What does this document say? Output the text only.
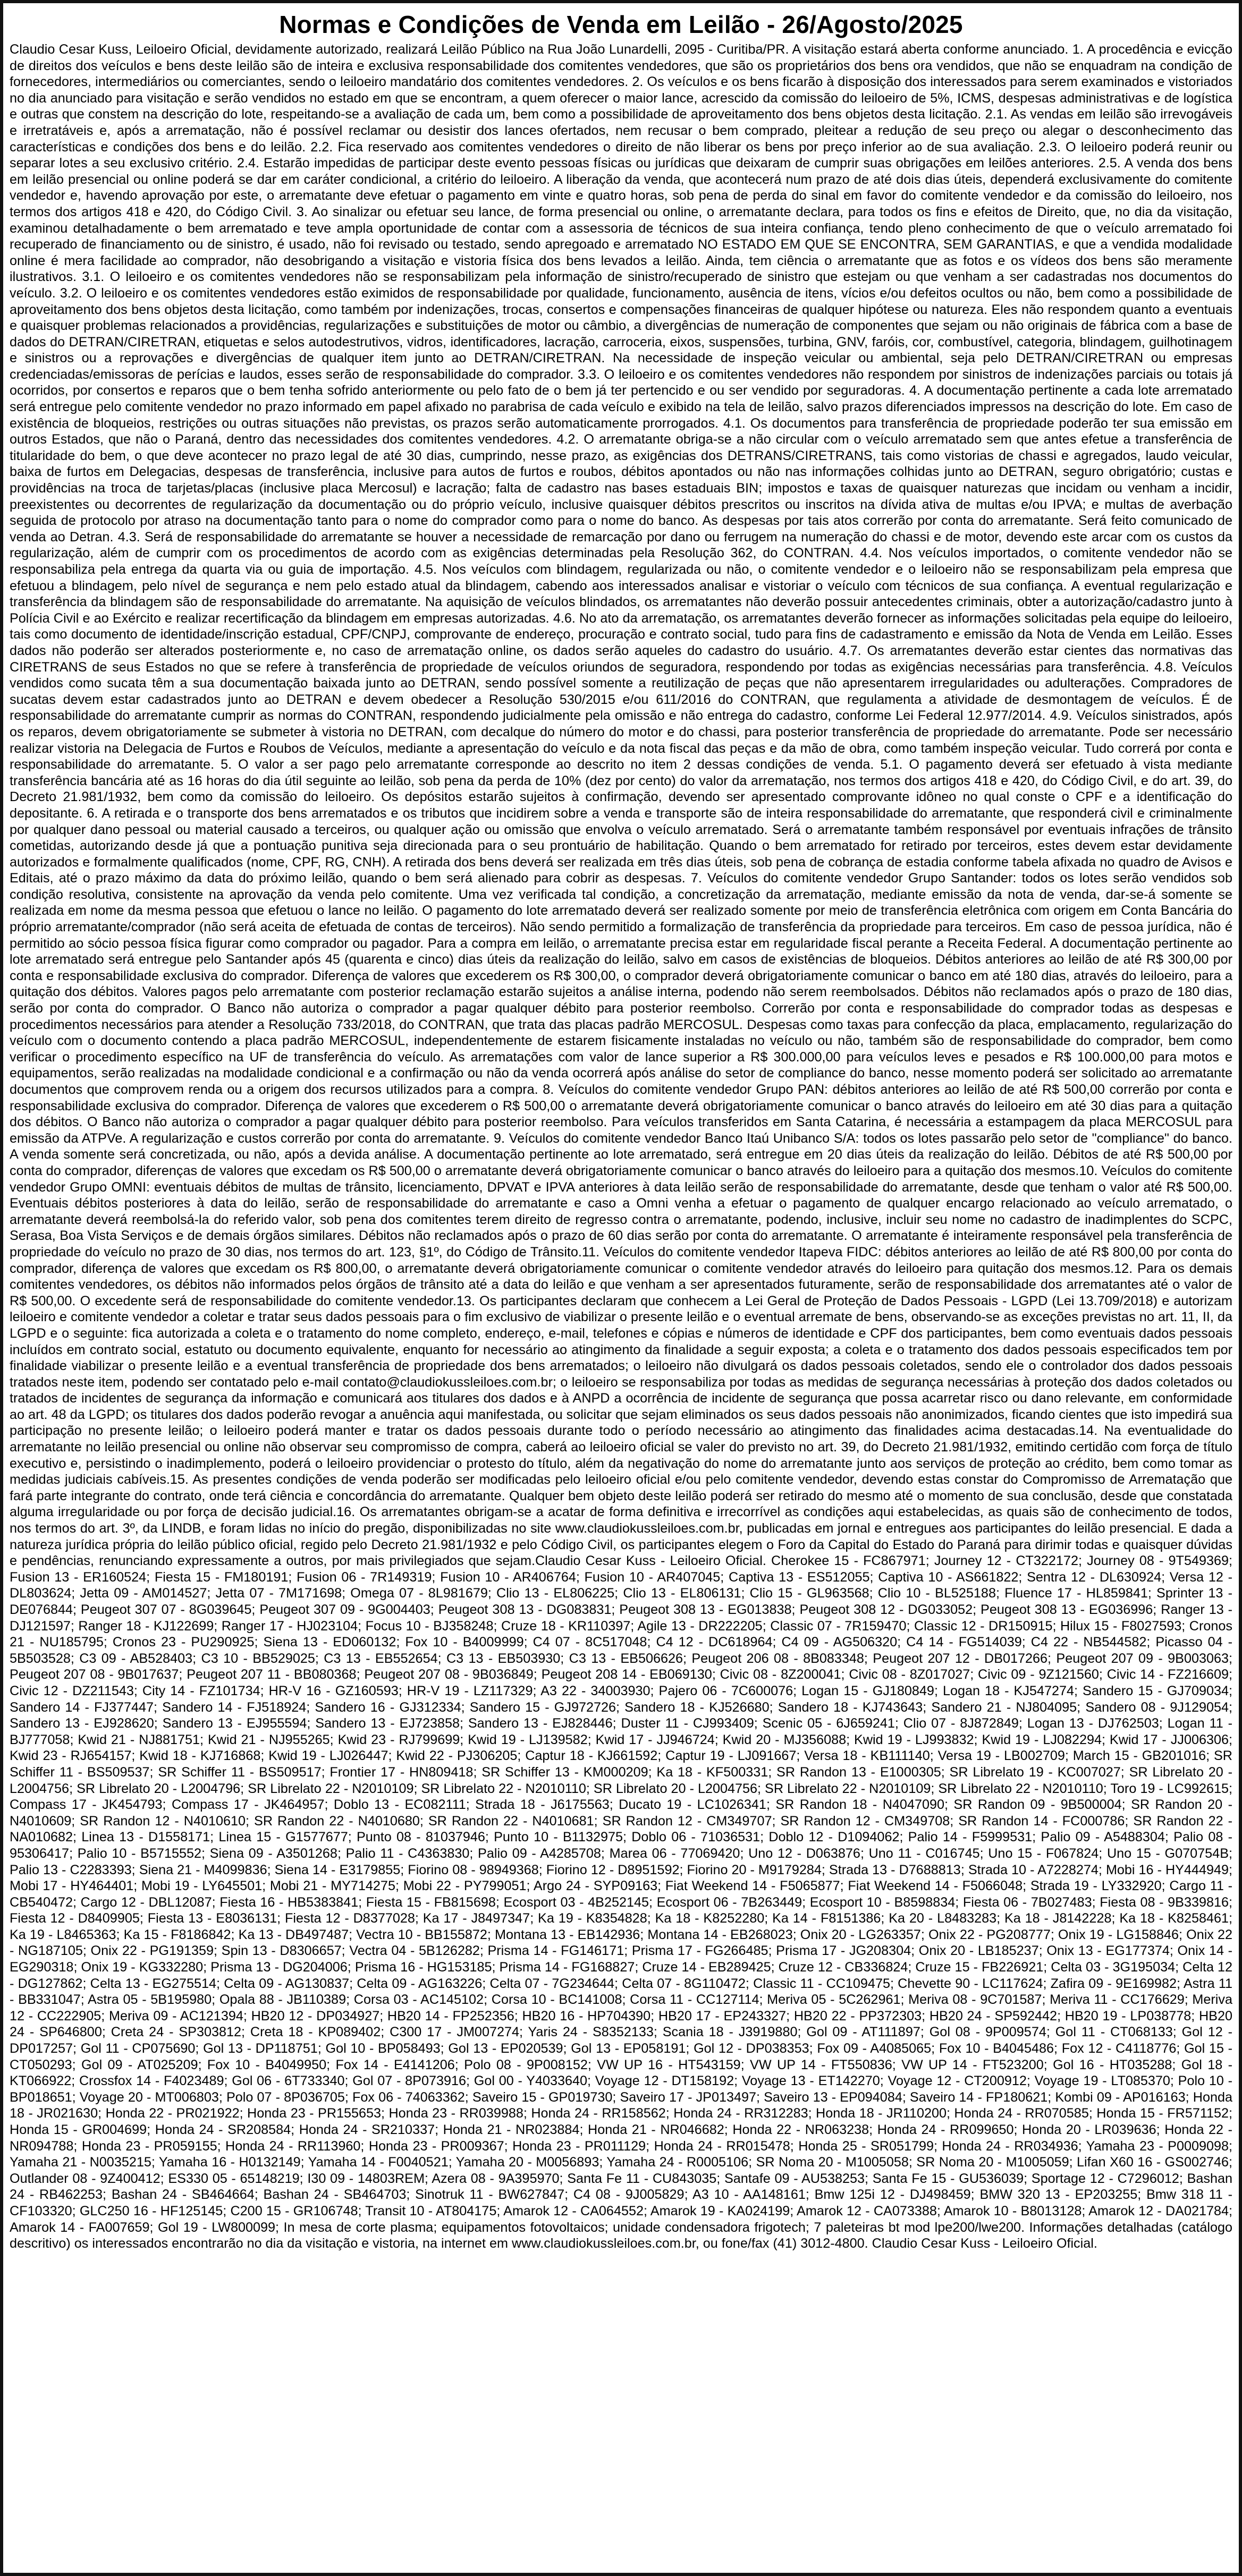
Normas e Condições de Venda em Leilão - 26/Agosto/2025

Claudio Cesar Kuss, Leiloeiro Oficial, devidamente autorizado, realizará Leilão Público na Rua João Lunardelli, 2095 - Curitiba/PR. A visitação estará aberta conforme anunciado. 1. A procedência e evicção de direitos dos veículos e bens deste leilão são de inteira e exclusiva responsabilidade dos comitentes vendedores, que são os proprietários dos bens ora vendidos, que não se enquadram na condição de fornecedores, intermediários ou comerciantes, sendo o leiloeiro mandatário dos comitentes vendedores. 2. Os veículos e os bens ficarão à disposição dos interessados para serem examinados e vistoriados no dia anunciado para visitação e serão vendidos no estado em que se encontram, a quem oferecer o maior lance, acrescido da comissão do leiloeiro de 5%, ICMS, despesas administrativas e de logística e outras que constem na descrição do lote, respeitando-se a avaliação de cada um, bem como a possibilidade de aproveitamento dos bens objetos desta licitação. 2.1. As vendas em leilão são irrevogáveis e irretratáveis e, após a arrematação, não é possível reclamar ou desistir dos lances ofertados, nem recusar o bem comprado, pleitear a redução de seu preço ou alegar o desconhecimento das características e condições dos bens e do leilão. 2.2. Fica reservado aos comitentes vendedores o direito de não liberar os bens por preço inferior ao de sua avaliação. 2.3. O leiloeiro poderá reunir ou separar lotes a seu exclusivo critério. 2.4. Estarão impedidas de participar deste evento pessoas físicas ou jurídicas que deixaram de cumprir suas obrigações em leilões anteriores. 2.5. A venda dos bens em leilão presencial ou online poderá se dar em caráter condicional, a critério do leiloeiro. A liberação da venda, que acontecerá num prazo de até dois dias úteis, dependerá exclusivamente do comitente vendedor e, havendo aprovação por este, o arrematante deve efetuar o pagamento em vinte e quatro horas, sob pena de perda do sinal em favor do comitente vendedor e da comissão do leiloeiro, nos termos dos artigos 418 e 420, do Código Civil. 3. Ao sinalizar ou efetuar seu lance, de forma presencial ou online, o arrematante declara, para todos os fins e efeitos de Direito, que, no dia da visitação, examinou detalhadamente o bem arrematado e teve ampla oportunidade de contar com a assessoria de técnicos de sua inteira confiança, tendo pleno conhecimento de que o veículo arrematado foi recuperado de financiamento ou de sinistro, é usado, não foi revisado ou testado, sendo apregoado e arrematado NO ESTADO EM QUE SE ENCONTRA, SEM GARANTIAS, e que a vendida modalidade online é mera facilidade ao comprador, não desobrigando a visitação e vistoria física dos bens levados a leilão. Ainda, tem ciência o arrematante que as fotos e os vídeos dos bens são meramente ilustrativos. 3.1. O leiloeiro e os comitentes vendedores não se responsabilizam pela informação de sinistro/recuperado de sinistro que estejam ou que venham a ser cadastradas nos documentos do veículo. 3.2. O leiloeiro e os comitentes vendedores estão eximidos de responsabilidade por qualidade, funcionamento, ausência de itens, vícios e/ou defeitos ocultos ou não, bem como a possibilidade de aproveitamento dos bens objetos desta licitação, como também por indenizações, trocas, consertos e compensações financeiras de qualquer hipótese ou natureza. Eles não respondem quanto a eventuais e quaisquer problemas relacionados a providências, regularizações e substituições de motor ou câmbio, a divergências de numeração de componentes que sejam ou não originais de fábrica com a base de dados do DETRAN/CIRETRAN, etiquetas e selos autodestrutivos, vidros, identificadores, lacração, carroceria, eixos, suspensões, turbina, GNV, faróis, cor, combustível, categoria, blindagem, guilhotinagem e sinistros ou a reprovações e divergências de qualquer item junto ao DETRAN/CIRETRAN. Na necessidade de inspeção veicular ou ambiental, seja pelo DETRAN/CIRETRAN ou empresas credenciadas/emissoras de perícias e laudos, esses serão de responsabilidade do comprador. 3.3. O leiloeiro e os comitentes vendedores não respondem por sinistros de indenizações parciais ou totais já ocorridos, por consertos e reparos que o bem tenha sofrido anteriormente ou pelo fato de o bem já ter pertencido e ou ser vendido por seguradoras. 4. A documentação pertinente a cada lote arrematado será entregue pelo comitente vendedor no prazo informado em papel afixado no parabrisa de cada veículo e exibido na tela de leilão, salvo prazos diferenciados impressos na descrição do lote. Em caso de existência de bloqueios, restrições ou outras situações não previstas, os prazos serão automaticamente prorrogados. 4.1. Os documentos para transferência de propriedade poderão ter sua emissão em outros Estados, que não o Paraná, dentro das necessidades dos comitentes vendedores. 4.2. O arrematante obriga-se a não circular com o veículo arrematado sem que antes efetue a transferência de titularidade do bem, o que deve acontecer no prazo legal de até 30 dias, cumprindo, nesse prazo, as exigências dos DETRANS/CIRETRANS, tais como vistorias de chassi e agregados, laudo veicular, baixa de furtos em Delegacias, despesas de transferência, inclusive para autos de furtos e roubos, débitos apontados ou não nas informações colhidas junto ao DETRAN, seguro obrigatório; custas e providências na troca de tarjetas/placas (inclusive placa Mercosul) e lacração; falta de cadastro nas bases estaduais BIN; impostos e taxas de quaisquer naturezas que incidam ou venham a incidir, preexistentes ou decorrentes de regularização da documentação ou do próprio veículo, inclusive quaisquer débitos prescritos ou inscritos na dívida ativa de multas e/ou IPVA; e multas de averbação seguida de protocolo por atraso na documentação tanto para o nome do comprador como para o nome do banco. As despesas por tais atos correrão por conta do arrematante. Será feito comunicado de venda ao Detran. 4.3. Será de responsabilidade do arrematante se houver a necessidade de remarcação por dano ou ferrugem na numeração do chassi e de motor, devendo este arcar com os custos da regularização, além de cumprir com os procedimentos de acordo com as exigências determinadas pela Resolução 362, do CONTRAN. 4.4. Nos veículos importados, o comitente vendedor não se responsabiliza pela entrega da quarta via ou guia de importação. 4.5. Nos veículos com blindagem, regularizada ou não, o comitente vendedor e o leiloeiro não se responsabilizam pela empresa que efetuou a blindagem, pelo nível de segurança e nem pelo estado atual da blindagem, cabendo aos interessados analisar e vistoriar o veículo com técnicos de sua confiança. A eventual regularização e transferência da blindagem são de responsabilidade do arrematante. Na aquisição de veículos blindados, os arrematantes não deverão possuir antecedentes criminais, obter a autorização/cadastro junto à Polícia Civil e ao Exército e realizar recertificação da blindagem em empresas autorizadas. 4.6. No ato da arrematação, os arrematantes deverão fornecer as informações solicitadas pela equipe do leiloeiro, tais como documento de identidade/inscrição estadual, CPF/CNPJ, comprovante de endereço, procuração e contrato social, tudo para fins de cadastramento e emissão da Nota de Venda em Leilão. Esses dados não poderão ser alterados posteriormente e, no caso de arrematação online, os dados serão aqueles do cadastro do usuário. 4.7. Os arrematantes deverão estar cientes das normativas das CIRETRANS de seus Estados no que se refere à transferência de propriedade de veículos oriundos de seguradora, respondendo por todas as exigências necessárias para transferência. 4.8. Veículos vendidos como sucata têm a sua documentação baixada junto ao DETRAN, sendo possível somente a reutilização de peças que não apresentarem irregularidades ou adulterações. Compradores de sucatas devem estar cadastrados junto ao DETRAN e devem obedecer a Resolução 530/2015 e/ou 611/2016 do CONTRAN, que regulamenta a atividade de desmontagem de veículos. É de responsabilidade do arrematante cumprir as normas do CONTRAN, respondendo judicialmente pela omissão e não entrega do cadastro, conforme Lei Federal 12.977/2014. 4.9. Veículos sinistrados, após os reparos, devem obrigatoriamente se submeter à vistoria no DETRAN, com decalque do número do motor e do chassi, para posterior transferência de propriedade do arrematante. Pode ser necessário realizar vistoria na Delegacia de Furtos e Roubos de Veículos, mediante a apresentação do veículo e da nota fiscal das peças e da mão de obra, como também inspeção veicular. Tudo correrá por conta e responsabilidade do arrematante. 5. O valor a ser pago pelo arrematante corresponde ao descrito no item 2 dessas condições de venda. 5.1. O pagamento deverá ser efetuado à vista mediante transferência bancária até as 16 horas do dia útil seguinte ao leilão, sob pena da perda de 10% (dez por cento) do valor da arrematação, nos termos dos artigos 418 e 420, do Código Civil, e do art. 39, do Decreto 21.981/1932, bem como da comissão do leiloeiro. Os depósitos estarão sujeitos à confirmação, devendo ser apresentado comprovante idôneo no qual conste o CPF e a identificação do depositante. 6. A retirada e o transporte dos bens arrematados e os tributos que incidirem sobre a venda e transporte são de inteira responsabilidade do arrematante, que responderá civil e criminalmente por qualquer dano pessoal ou material causado a terceiros, ou qualquer ação ou omissão que envolva o veículo arrematado. Será o arrematante também responsável por eventuais infrações de trânsito cometidas, autorizando desde já que a pontuação punitiva seja direcionada para o seu prontuário de habilitação. Quando o bem arrematado for retirado por terceiros, estes devem estar devidamente autorizados e formalmente qualificados (nome, CPF, RG, CNH). A retirada dos bens deverá ser realizada em três dias úteis, sob pena de cobrança de estadia conforme tabela afixada no quadro de Avisos e Editais, até o prazo máximo da data do próximo leilão, quando o bem será alienado para cobrir as despesas. 7. Veículos do comitente vendedor Grupo Santander: todos os lotes serão vendidos sob condição resolutiva, consistente na aprovação da venda pelo comitente. Uma vez verificada tal condição, a concretização da arrematação, mediante emissão da nota de venda, dar-se-á somente se realizada em nome da mesma pessoa que efetuou o lance no leilão. O pagamento do lote arrematado deverá ser realizado somente por meio de transferência eletrônica com origem em Conta Bancária do próprio arrematante/comprador (não será aceita de efetuada de contas de terceiros). Não sendo permitido a formalização de transferência da propriedade para terceiros. Em caso de pessoa jurídica, não é permitido ao sócio pessoa física figurar como comprador ou pagador. Para a compra em leilão, o arrematante precisa estar em regularidade fiscal perante a Receita Federal. A documentação pertinente ao lote arrematado será entregue pelo Santander após 45 (quarenta e cinco) dias úteis da realização do leilão, salvo em casos de existências de bloqueios. Débitos anteriores ao leilão de até R$ 300,00 por conta e responsabilidade exclusiva do comprador. Diferença de valores que excederem os R$ 300,00, o comprador deverá obrigatoriamente comunicar o banco em até 180 dias, através do leiloeiro, para a quitação dos débitos. Valores pagos pelo arrematante com posterior reclamação estarão sujeitos a análise interna, podendo não serem reembolsados. Débitos não reclamados após o prazo de 180 dias, serão por conta do comprador. O Banco não autoriza o comprador a pagar qualquer débito para posterior reembolso. Correrão por conta e responsabilidade do comprador todas as despesas e procedimentos necessários para atender a Resolução 733/2018, do CONTRAN, que trata das placas padrão MERCOSUL. Despesas como taxas para confecção da placa, emplacamento, regularização do veículo com o documento contendo a placa padrão MERCOSUL, independentemente de estarem fisicamente instaladas no veículo ou não, também são de responsabilidade do comprador, bem como verificar o procedimento específico na UF de transferência do veículo. As arrematações com valor de lance superior a R$ 300.000,00 para veículos leves e pesados e R$ 100.000,00 para motos e equipamentos, serão realizadas na modalidade condicional e a confirmação ou não da venda ocorrerá após análise do setor de compliance do banco, nesse momento poderá ser solicitado ao arrematante documentos que comprovem renda ou a origem dos recursos utilizados para a compra. 8. Veículos do comitente vendedor Grupo PAN: débitos anteriores ao leilão de até R$ 500,00 correrão por conta e responsabilidade exclusiva do comprador. Diferença de valores que excederem o R$ 500,00 o arrematante deverá obrigatoriamente comunicar o banco através do leiloeiro em até 30 dias para a quitação dos débitos. O Banco não autoriza o comprador a pagar qualquer débito para posterior reembolso. Para veículos transferidos em Santa Catarina, é necessária a estampagem da placa MERCOSUL para emissão da ATPVe. A regularização e custos correrão por conta do arrematante. 9. Veículos do comitente vendedor Banco Itaú Unibanco S/A: todos os lotes passarão pelo setor de "compliance" do banco. A venda somente será concretizada, ou não, após a devida análise. A documentação pertinente ao lote arrematado, será entregue em 20 dias úteis da realização do leilão. Débitos de até R$ 500,00 por conta do comprador, diferenças de valores que excedam os R$ 500,00 o arrematante deverá obrigatoriamente comunicar o banco através do leiloeiro para a quitação dos mesmos.10. Veículos do comitente vendedor Grupo OMNI: eventuais débitos de multas de trânsito, licenciamento, DPVAT e IPVA anteriores à data leilão serão de responsabilidade do arrematante, desde que tenham o valor até R$ 500,00. Eventuais débitos posteriores à data do leilão, serão de responsabilidade do arrematante e caso a Omni venha a efetuar o pagamento de qualquer encargo relacionado ao veículo arrematado, o arrematante deverá reembolsá-la do referido valor, sob pena dos comitentes terem direito de regresso contra o arrematante, podendo, inclusive, incluir seu nome no cadastro de inadimplentes do SCPC, Serasa, Boa Vista Serviços e de demais órgãos similares. Débitos não reclamados após o prazo de 60 dias serão por conta do arrematante. O arrematante é inteiramente responsável pela transferência de propriedade do veículo no prazo de 30 dias, nos termos do art. 123, §1º, do Código de Trânsito.11. Veículos do comitente vendedor Itapeva FIDC: débitos anteriores ao leilão de até R$ 800,00 por conta do comprador, diferença de valores que excedam os R$ 800,00, o arrematante deverá obrigatoriamente comunicar o comitente vendedor através do leiloeiro para quitação dos mesmos.12. Para os demais comitentes vendedores, os débitos não informados pelos órgãos de trânsito até a data do leilão e que venham a ser apresentados futuramente, serão de responsabilidade dos arrematantes até o valor de R$ 500,00. O excedente será de responsabilidade do comitente vendedor.13. Os participantes declaram que conhecem a Lei Geral de Proteção de Dados Pessoais - LGPD (Lei 13.709/2018) e autorizam leiloeiro e comitente vendedor a coletar e tratar seus dados pessoais para o fim exclusivo de viabilizar o presente leilão e o eventual arremate de bens, observando-se as exceções previstas no art. 11, II, da LGPD e o seguinte: fica autorizada a coleta e o tratamento do nome completo, endereço, e-mail, telefones e cópias e números de identidade e CPF dos participantes, bem como eventuais dados pessoais incluídos em contrato social, estatuto ou documento equivalente, enquanto for necessário ao atingimento da finalidade a seguir exposta; a coleta e o tratamento dos dados pessoais especificados tem por finalidade viabilizar o presente leilão e a eventual transferência de propriedade dos bens arrematados; o leiloeiro não divulgará os dados pessoais coletados, sendo ele o controlador dos dados pessoais tratados neste item, podendo ser contatado pelo e-mail contato@claudiokussleiloes.com.br; o leiloeiro se responsabiliza por todas as medidas de segurança necessárias à proteção dos dados coletados ou tratados de incidentes de segurança da informação e comunicará aos titulares dos dados e à ANPD a ocorrência de incidente de segurança que possa acarretar risco ou dano relevante, em conformidade ao art. 48 da LGPD; os titulares dos dados poderão revogar a anuência aqui manifestada, ou solicitar que sejam eliminados os seus dados pessoais não anonimizados, ficando cientes que isto impedirá sua participação no presente leilão; o leiloeiro poderá manter e tratar os dados pessoais durante todo o período necessário ao atingimento das finalidades acima destacadas.14. Na eventualidade do arrematante no leilão presencial ou online não observar seu compromisso de compra, caberá ao leiloeiro oficial se valer do previsto no art. 39, do Decreto 21.981/1932, emitindo certidão com força de título executivo e, persistindo o inadimplemento, poderá o leiloeiro providenciar o protesto do título, além da negativação do nome do arrematante junto aos serviços de proteção ao crédito, bem como tomar as medidas judiciais cabíveis.15. As presentes condições de venda poderão ser modificadas pelo leiloeiro oficial e/ou pelo comitente vendedor, devendo estas constar do Compromisso de Arrematação que fará parte integrante do contrato, onde terá ciência e concordância do arrematante. Qualquer bem objeto deste leilão poderá ser retirado do mesmo até o momento de sua conclusão, desde que constatada alguma irregularidade ou por força de decisão judicial.16. Os arrematantes obrigam-se a acatar de forma definitiva e irrecorrível as condições aqui estabelecidas, as quais são de conhecimento de todos, nos termos do art. 3º, da LINDB, e foram lidas no início do pregão, disponibilizadas no site www.claudiokussleiloes.com.br, publicadas em jornal e entregues aos participantes do leilão presencial. E dada a natureza jurídica própria do leilão público oficial, regido pelo Decreto 21.981/1932 e pelo Código Civil, os participantes elegem o Foro da Capital do Estado do Paraná para dirimir todas e quaisquer dúvidas e pendências, renunciando expressamente a outros, por mais privilegiados que sejam.Claudio Cesar Kuss - Leiloeiro Oficial. Cherokee 15 - FC867971; Journey 12 - CT322172; Journey 08 - 9T549369; Fusion 13 - ER160524; Fiesta 15 - FM180191; Fusion 06 - 7R149319; Fusion 10 - AR406764; Fusion 10 - AR407045; Captiva 13 - ES512055; Captiva 10 - AS661822; Sentra 12 - DL630924; Versa 12 - DL803624; Jetta 09 - AM014527; Jetta 07 - 7M171698; Omega 07 - 8L981679; Clio 13 - EL806225; Clio 13 - EL806131; Clio 15 - GL963568; Clio 10 - BL525188; Fluence 17 - HL859841; Sprinter 13 - DE076844; Peugeot 307 07 - 8G039645; Peugeot 307 09 - 9G004403; Peugeot 308 13 - DG083831; Peugeot 308 13 - EG013838; Peugeot 308 12 - DG033052; Peugeot 308 13 - EG036996; Ranger 13 - DJ121597; Ranger 18 - KJ122699; Ranger 17 - HJ023104; Focus 10 - BJ358248; Cruze 18 - KR110397; Agile 13 - DR222205; Classic 07 - 7R159470; Classic 12 - DR150915; Hilux 15 - F8027593; Cronos 21 - NU185795; Cronos 23 - PU290925; Siena 13 - ED060132; Fox 10 - B4009999; C4 07 - 8C517048; C4 12 - DC618964; C4 09 - AG506320; C4 14 - FG514039; C4 22 - NB544582; Picasso 04 - 5B503528; C3 09 - AB528403; C3 10 - BB529025; C3 13 - EB552654; C3 13 - EB503930; C3 13 - EB506626; Peugeot 206 08 - 8B083348; Peugeot 207 12 - DB017266; Peugeot 207 09 - 9B003063; Peugeot 207 08 - 9B017637; Peugeot 207 11 - BB080368; Peugeot 207 08 - 9B036849; Peugeot 208 14 - EB069130; Civic 08 - 8Z200041; Civic 08 - 8Z017027; Civic 09 - 9Z121560; Civic 14 - FZ216609; Civic 12 - DZ211543; City 14 - FZ101734; HR-V 16 - GZ160593; HR-V 19 - LZ117329; A3 22 - 34003930; Pajero 06 - 7C600076; Logan 15 - GJ180849; Logan 18 - KJ547274; Sandero 15 - GJ709034; Sandero 14 - FJ377447; Sandero 14 - FJ518924; Sandero 16 - GJ312334; Sandero 15 - GJ972726; Sandero 18 - KJ526680; Sandero 18 - KJ743643; Sandero 21 - NJ804095; Sandero 08 - 9J129054; Sandero 13 - EJ928620; Sandero 13 - EJ955594; Sandero 13 - EJ723858; Sandero 13 - EJ828446; Duster 11 - CJ993409; Scenic 05 - 6J659241; Clio 07 - 8J872849; Logan 13 - DJ762503; Logan 11 - BJ777058; Kwid 21 - NJ881751; Kwid 21 - NJ955265; Kwid 23 - RJ799699; Kwid 19 - LJ139582; Kwid 17 - JJ946724; Kwid 20 - MJ356088; Kwid 19 - LJ993832; Kwid 19 - LJ082294; Kwid 17 - JJ006306; Kwid 23 - RJ654157; Kwid 18 - KJ716868; Kwid 19 - LJ026447; Kwid 22 - PJ306205; Captur 18 - KJ661592; Captur 19 - LJ091667; Versa 18 - KB111140; Versa 19 - LB002709; March 15 - GB201016; SR Schiffer 11 - BS509537; SR Schiffer 11 - BS509517; Frontier 17 - HN809418; SR Schiffer 13 - KM000209; Ka 18 - KF500331; SR Randon 13 - E1000305; SR Librelato 19 - KC007027; SR Librelato 20 - L2004756; SR Librelato 20 - L2004796; SR Librelato 22 - N2010109; SR Librelato 22 - N2010110; SR Librelato 20 - L2004756; SR Librelato 22 - N2010109; SR Librelato 22 - N2010110; Toro 19 - LC992615; Compass 17 - JK454793; Compass 17 - JK464957; Doblo 13 - EC082111; Strada 18 - J6175563; Ducato 19 - LC1026341; SR Randon 18 - N4047090; SR Randon 09 - 9B500004; SR Randon 20 - N4010609; SR Randon 12 - N4010610; SR Randon 22 - N4010680; SR Randon 22 - N4010681; SR Randon 12 - CM349707; SR Randon 12 - CM349708; SR Randon 14 - FC000786; SR Randon 22 - NA010682; Linea 13 - D1558171; Linea 15 - G1577677; Punto 08 - 81037946; Punto 10 - B1132975; Doblo 06 - 71036531; Doblo 12 - D1094062; Palio 14 - F5999531; Palio 09 - A5488304; Palio 08 - 95306417; Palio 10 - B5715552; Siena 09 - A3501268; Palio 11 - C4363830; Palio 09 - A4285708; Marea 06 - 77069420; Uno 12 - D063876; Uno 11 - C016745; Uno 15 - F067824; Uno 15 - G070754B; Palio 13 - C2283393; Siena 21 - M4099836; Siena 14 - E3179855; Fiorino 08 - 98949368; Fiorino 12 - D8951592; Fiorino 20 - M9179284; Strada 13 - D7688813; Strada 10 - A7228274; Mobi 16 - HY444949; Mobi 17 - HY464401; Mobi 19 - LY645501; Mobi 21 - MY714275; Mobi 22 - PY799051; Argo 24 - SYP09163; Fiat Weekend 14 - F5065877; Fiat Weekend 14 - F5066048; Strada 19 - LY332920; Cargo 11 - CB540472; Cargo 12 - DBL12087; Fiesta 16 - HB5383841; Fiesta 15 - FB815698; Ecosport 03 - 4B252145; Ecosport 06 - 7B263449; Ecosport 10 - B8598834; Fiesta 06 - 7B027483; Fiesta 08 - 9B339816; Fiesta 12 - D8409905; Fiesta 13 - E8036131; Fiesta 12 - D8377028; Ka 17 - J8497347; Ka 19 - K8354828; Ka 18 - K8252280; Ka 14 - F8151386; Ka 20 - L8483283; Ka 18 - J8142228; Ka 18 - K8258461; Ka 19 - L8465363; Ka 15 - F8186842; Ka 13 - DB497487; Vectra 10 - BB155872; Montana 13 - EB142936; Montana 14 - EB268023; Onix 20 - LG263357; Onix 22 - PG208777; Onix 19 - LG158846; Onix 22 - NG187105; Onix 22 - PG191359; Spin 13 - D8306657; Vectra 04 - 5B126282; Prisma 14 - FG146171; Prisma 17 - FG266485; Prisma 17 - JG208304; Onix 20 - LB185237; Onix 13 - EG177374; Onix 14 - EG290318; Onix 19 - KG332280; Prisma 13 - DG204006; Prisma 16 - HG153185; Prisma 14 - FG168827; Cruze 14 - EB289425; Cruze 12 - CB336824; Cruze 15 - FB226921; Celta 03 - 3G195034; Celta 12 - DG127862; Celta 13 - EG275514; Celta 09 - AG130837; Celta 09 - AG163226; Celta 07 - 7G234644; Celta 07 - 8G110472; Classic 11 - CC109475; Chevette 90 - LC117624; Zafira 09 - 9E169982; Astra 11 - BB331047; Astra 05 - 5B195980; Opala 88 - JB110389; Corsa 03 - AC145102; Corsa 10 - BC141008; Corsa 11 - CC127114; Meriva 05 - 5C262961; Meriva 08 - 9C701587; Meriva 11 - CC176629; Meriva 12 - CC222905; Meriva 09 - AC121394; HB20 12 - DP034927; HB20 14 - FP252356; HB20 16 - HP704390; HB20 17 - EP243327; HB20 22 - PP372303; HB20 24 - SP592442; HB20 19 - LP038778; HB20 24 - SP646800; Creta 24 - SP303812; Creta 18 - KP089402; C300 17 - JM007274; Yaris 24 - S8352133; Scania 18 - J3919880; Gol 09 - AT111897; Gol 08 - 9P009574; Gol 11 - CT068133; Gol 12 - DP017257; Gol 11 - CP075690; Gol 13 - DP118751; Gol 10 - BP058493; Gol 13 - EP020539; Gol 13 - EP058191; Gol 12 - DP038353; Fox 09 - A4085065; Fox 10 - B4045486; Fox 12 - C4118776; Gol 15 - CT050293; Gol 09 - AT025209; Fox 10 - B4049950; Fox 14 - E4141206; Polo 08 - 9P008152; VW UP 16 - HT543159; VW UP 14 - FT550836; VW UP 14 - FT523200; Gol 16 - HT035288; Gol 18 - KT066922; Crossfox 14 - F4023489; Gol 06 - 6T733340; Gol 07 - 8P073916; Gol 00 - Y4033640; Voyage 12 - DT158192; Voyage 13 - ET142270; Voyage 12 - CT200912; Voyage 19 - LT085370; Polo 10 - BP018651; Voyage 20 - MT006803; Polo 07 - 8P036705; Fox 06 - 74063362; Saveiro 15 - GP019730; Saveiro 17 - JP013497; Saveiro 13 - EP094084; Saveiro 14 - FP180621; Kombi 09 - AP016163; Honda 18 - JR021630; Honda 22 - PR021922; Honda 23 - PR155653; Honda 23 - RR039988; Honda 24 - RR158562; Honda 24 - RR312283; Honda 18 - JR110200; Honda 24 - RR070585; Honda 15 - FR571152; Honda 15 - GR004699; Honda 24 - SR208584; Honda 24 - SR210337; Honda 21 - NR023884; Honda 21 - NR046682; Honda 22 - NR063238; Honda 24 - RR099650; Honda 20 - LR039636; Honda 22 - NR094788; Honda 23 - PR059155; Honda 24 - RR113960; Honda 23 - PR009367; Honda 23 - PR011129; Honda 24 - RR015478; Honda 25 - SR051799; Honda 24 - RR034936; Yamaha 23 - P0009098; Yamaha 21 - N0035215; Yamaha 16 - H0132149; Yamaha 14 - F0040521; Yamaha 20 - M0056893; Yamaha 24 - R0005106; SR Noma 20 - M1005058; SR Noma 20 - M1005059; Lifan X60 16 - GS002746; Outlander 08 - 9Z400412; ES330 05 - 65148219; I30 09 - 14803REM; Azera 08 - 9A395970; Santa Fe 11 - CU843035; Santafe 09 - AU538253; Santa Fe 15 - GU536039; Sportage 12 - C7296012; Bashan 24 - RB462253; Bashan 24 - SB464664; Bashan 24 - SB464703; Sinotruk 11 - BW627847; C4 08 - 9J005829; A3 10 - AA148161; Bmw 125i 12 - DJ498459; BMW 320 13 - EP203255; Bmw 318 11 - CF103320; GLC250 16 - HF125145; C200 15 - GR106748; Transit 10 - AT804175; Amarok 12 - CA064552; Amarok 19 - KA024199; Amarok 12 - CA073388; Amarok 10 - B8013128; Amarok 12 - DA021784; Amarok 14 - FA007659; Gol 19 - LW800099; In mesa de corte plasma; equipamentos fotovoltaicos; unidade condensadora frigotech; 7 paleteiras bt mod lpe200/lwe200. Informações detalhadas (catálogo descritivo) os interessados encontrarão no dia da visitação e vistoria, na internet em www.claudiokussleiloes.com.br, ou fone/fax (41) 3012-4800. Claudio Cesar Kuss - Leiloeiro Oficial.
